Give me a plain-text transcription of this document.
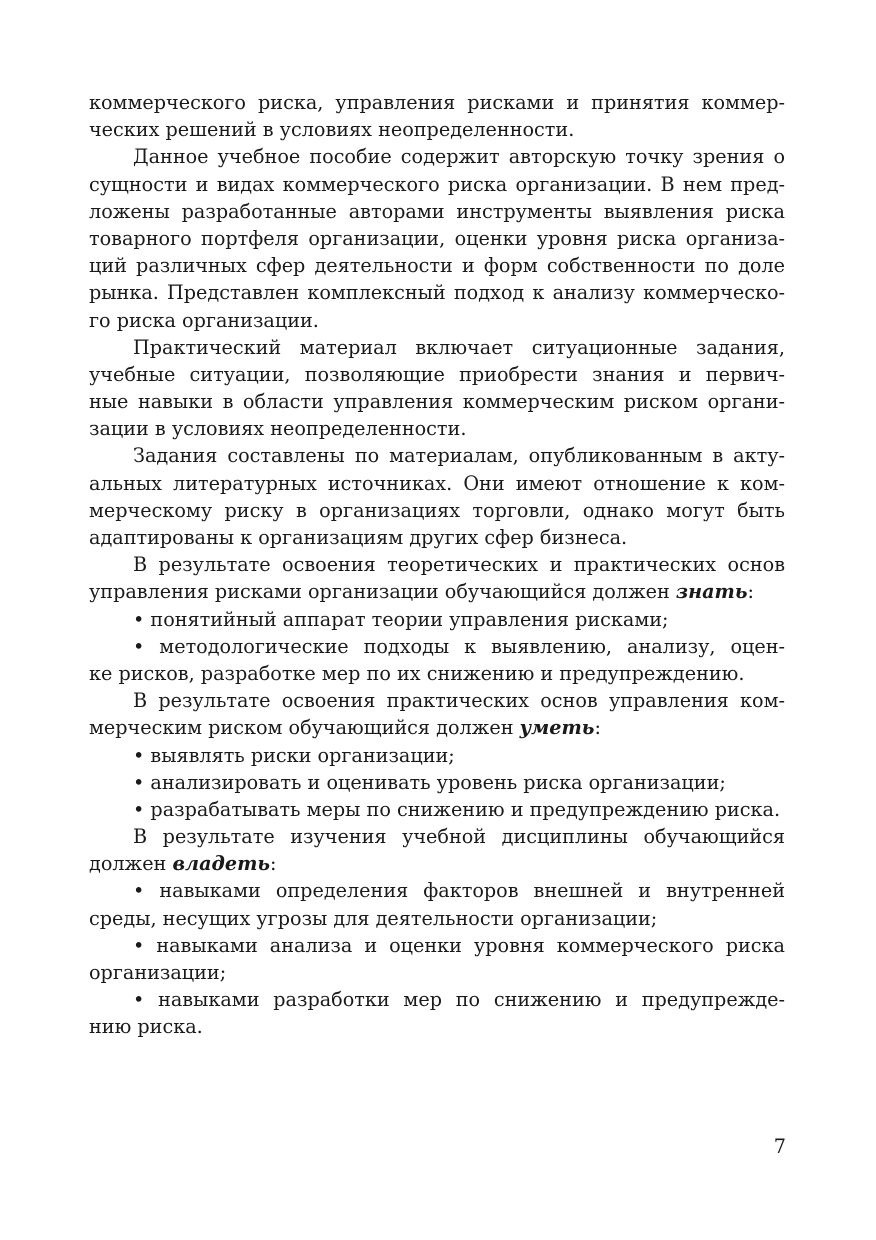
коммерческого риска, управления рисками и принятия коммер-
ческих решений в условиях неопределенности.
Данное учебное пособие содержит авторскую точку зрения о
сущности и видах коммерческого риска организации. В нем пред-
ложены разработанные авторами инструменты выявления риска
товарного портфеля организации, оценки уровня риска организа-
ций различных сфер деятельности и форм собственности по доле
рынка. Представлен комплексный подход к анализу коммерческо-
го риска организации.
Практический материал включает ситуационные задания,
учебные ситуации, позволяющие приобрести знания и первич-
ные навыки в области управления коммерческим риском органи-
зации в условиях неопределенности.
Задания составлены по материалам, опубликованным в акту-
альных литературных источниках. Они имеют отношение к ком-
мерческому риску в организациях торговли, однако могут быть
адаптированы к организациям других сфер бизнеса.
В результате освоения теоретических и практических основ
управления рисками организации обучающийся должен знать:
• понятийный аппарат теории управления рисками;
• методологические подходы к выявлению, анализу, оцен-
ке рисков, разработке мер по их снижению и предупреждению.
В результате освоения практических основ управления ком-
мерческим риском обучающийся должен уметь:
• выявлять риски организации;
• анализировать и оценивать уровень риска организации;
• разрабатывать меры по снижению и предупреждению риска.
В результате изучения учебной дисциплины обучающийся
должен владеть:
• навыками определения факторов внешней и внутренней
среды, несущих угрозы для деятельности организации;
• навыками анализа и оценки уровня коммерческого риска
организации;
• навыками разработки мер по снижению и предупрежде-
нию риска.
7
